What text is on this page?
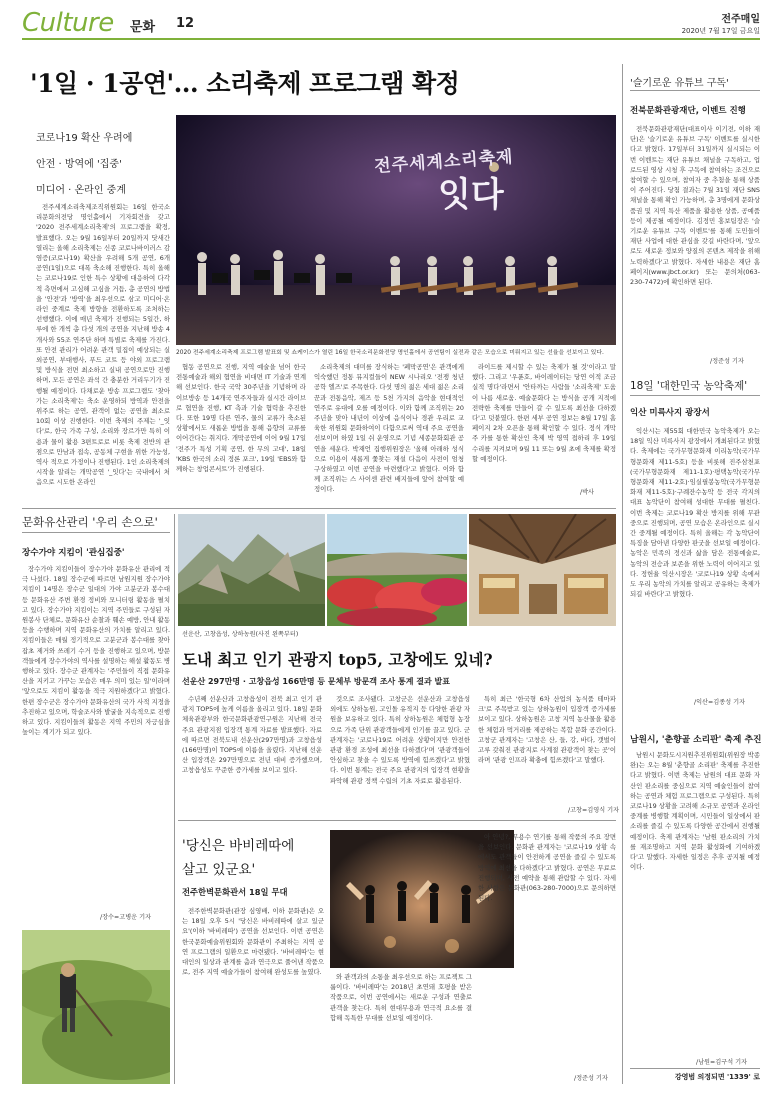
Culture 문화 12	전주매일
2020년 7월 17일 금요일
'1일 · 1공연'… 소리축제 프로그램 확정
코로나19 확산 우려에
안전 · 방역에 '집중'
미디어 · 온라인 중계

전주세계소리축제조직위원회는 16일 한국소리문화의전당 명인홀에서 기자회견을 갖고 '2020 전주세계소리축제'의 프로그램을 확정, 발표했다. 오는 9월 16일부터 20일까지 닷새간 열리는 올해 소리축제는 신종 코로나바이러스 감염증(코로나19) 확산을 우려해 5개 공연, 6개 공연(1일)으로 대폭 축소해 진행한다. 특히 올해는 코로나19로 인한 특수 상황에 대응하여 다각적 측면에서 고심해 고심을 거듭, 총 공연의 방법을 '안전'과 '방역'을 최우선으로 삼고 미디어·온라인 중계로 축제 방향을 전환하도록 조처하는 선행했다. 이에 매년 축제가 진행되는 5일간, 하루에 한 개씩 총 다섯 개의 공연을 지난해 방송 4개사와 55조 연주단 하며 특별로 축제를 가진다. 또 안전 관리가 어려운 관객 밀집이 예상되는 실외공연, 부대행사, 푸드 코트 등 야외 프로그램 및 방식을 전면 최소하고 실내 공연으로만 진행하며, 모든 공연은 좌석 간 충분한 거리두기가 진행될 예정이다. 다채로운 방송 프로그램도 '찾아가는 소리축제'는 축소 운영하되 방역과 안전을 위주로 하는 공연, 관객이 없는 공연을 최소로 10회 이상 진행한다. 이번 축제의 주제는 '_잇다'로, 한국 가족 구성, 소리와 장르가만 특히 이용과 물이 활용 3편트로로 비롯 축제 전반의 관점으로 만남과 접속, 공동체 구현을 위한 가능성, 역사 적으로 가정이나 진행된다. 1인 소리축제의 시작을 알리는 개막공연 '_잇다'는 국내에서 처음으로 시도한 온라인

전주세계소리축제
잇다
2020 전주세계소리축제 프로그램 발표회 및 쇼케이스가 열린 16일 한국소리문화전당 명인홀에서 공연팀이 실전과 같은 모습으로 미뤄지고 있는 선율을 선보이고 있다.

협동 공연으로 진행, 지역 예술을 넘어 한국 전통예술과 해외 협연을 비대면 IT 기술과 연계해 선보인다. 한국 국악 30주년을 기념하며 라이브방송 등 14개국 연주자들과 실시간 라이브로 협연을 진행, KT 측과 기술 협력을 추진한다. 또한 19명 다른 연주, 물의 교류가 축소된 상황에서도 새롭운 방법을 통해 음향의 교류를 이어간다는 취지다. 개막공연에 이어 9월 17일 '전주가 특성 기획 공연, 한 무의 고대', 18일 'KBS 한국의 소리 정론 포크', 19일 'EBS와 함께하는 창업콘서트'가 진행된다.

소리축제의 대미를 장식하는 '폐막공연'은 관객에게 익숙했던 정통 뮤지컬들이 NEW 시나리오 '전쟁 청년 공학 엘즈'로 주목한다. 다섯 명의 젊은 세대 젊은 소리꾼과 전통음악, 제즈 등 5천 가지의 음악을 현대적인 연주로 유대에 오를 예정이다. 이와 함께 조직위는 20주년을 맞아 내년이 이상에 음식이나 경관 우리로 교육한 위원회 문화하여이 다함으로써 역대 주요 공연을 선보이며 하였 1일 쉬 운영으로 기념 세종문화회관 공연을 세운다. 박재언 집행위원장은 '올해 아래하 성식으로 이용이 새롭게 쫓찾는 재설 다음이 사전이 엄청 구상하였고 이번 공연을 마련했다'고 밝혔다. 이와 함께 조직위는 스 사이센 관련 배지들에 앞어 참여할 예정이다.

라이드를 제시할 수 있는 축제가 될 것'이라고 말했다. 그리고 '우푼호, 바이레이터는 당연 이적 조금 실적 명다'라면서 '안타까는 사람들 '소리축제' 도움이 나름 새로움. 예술문화다 는 방식을 공개 지적에 전략한 축제를 만들어 갈 수 있도록 최선을 다하겠다'고 덧붙였다. 한편 세부 공연 정보는 8월 17일 홈페이지 2차 오픈을 통해 확인할 수 있다. 정식 개막주 카를 통한 확산인 축제 박 영역 접하리 후 19일 수리를 지켜보며 9월 11 또는 9월 초에 축제를 확정할 예정이다.

/박사
'슬기로운 유튜브 구독'
전북문화관광재단, 이벤트 진행

전북문화관광재단(대표이사 이기전, 이하 재단)은 '슬기로운 유튜브 구독' 이벤트를 실시한다고 밝혔다. 17일부터 31일까지 실시되는 이번 이벤트는 재단 유튜브 채널을 구독하고, 업로드된 영상 시청 후 구독에 참여하는 조건으로 참여할 수 있으며, 참여자 중 추첨을 통해 상품이 주어진다. 당첨 결과는 7월 31일 재단 SNS 채널을 통해 확인 가능하며, 총 3명에게 문화상품권 및 지역 특산 제품을 활용한 상품, 공예품 등이 제공될 예정이다. 김정민 홍보팀장은 '슬기로운 유튜브 구독 이벤트'를 통해 도민들이 재단 사업에 대한 관심을 갖길 바란다며, '앞으로도 새로운 정보와 양질의 콘텐츠 제작을 위해 노력하겠다'고 밝혔다. 자세한 내용은 재단 홈페이지(www.jbct.or.kr) 또는 문의처(063-230-7472)에 확인하면 된다.

/정준성 기자
18일 '대한민국 농악축제'
익산 미륵사지 광장서

익산시는 제55회 대한민국 농악축제가 오는 18일 익산 미륵사지 광장에서 개최된다고 밝혔다. 축제에는 국가무형문화재 이리농악(국가무형문화재 제11-5호) 등을 비롯해 진주삼천포(국가무형문화재 제11-1호)·평택농악(국가무형문화재 제11-2호)·임실필봉농악(국가무형문화재 제11-5호)·구례잔수농악 등 전국 각지의 대표 농악단이 참여해 성대한 무대를 펼친다. 이번 축제는 코로나19 확산 방지를 위해 무관중으로 진행되며, 공연 모습은 온라인으로 실시간 중계될 예정이다. 특히 올해는 각 농악단이 특징을 담아낸 다양한 판굿을 선보일 예정이다. 농악은 민족의 정신과 삶을 담은 전통예술로, 농악의 전승과 보존을 위한 노력이 이어지고 있다. 정헌율 익산시장은 '코로나19 상황 속에서도 우리 농악의 가치를 알리고 공유하는 축제가 되길 바란다'고 밝혔다.

/익산=김종성 기자
남원시, '춘향골 소리판' 축제 추진

남원시 문화도시지원추진위원회(위원장 박종완)는 오는 8월 '춘향골 소리판' 축제를 추진한다고 밝혔다. 이번 축제는 남원의 대표 문화 자산인 판소리를 중심으로 지역 예술인들이 참여하는 공연과 체험 프로그램으로 구성된다. 특히 코로나19 상황을 고려해 소규모 공연과 온라인 중계를 병행할 계획이며, 시민들이 일상에서 판소리를 즐길 수 있도록 다양한 공간에서 진행될 예정이다. 축제 관계자는 '남원 판소리의 가치를 재조명하고 지역 문화 활성화에 기여하겠다'고 말했다. 자세한 일정은 추후 공지될 예정이다.

/남원=김구석 기자
강영범 의정되면 '1339' 로
문화유산관리 '우리 손으로'
장수가야 지킴이 '관심집중'

장수가야 지킴이들이 장수가야 문화유산 관리에 적극 나섰다. 18일 장수군에 따르면 남원지원 장수가야 지킴이 14명은 장수군 일대의 가야 고분군과 봉수대 등 문화유산 주변 환경 정비와 모니터링 활동을 펼치고 있다. 장수가야 지킴이는 지역 주민들로 구성된 자원봉사 단체로, 문화유산 순찰과 훼손 예방, 안내 활동 등을 수행하며 지역 문화유산의 가치를 알리고 있다. 지킴이들은 매월 정기적으로 고분군과 봉수대를 찾아 잡초 제거와 쓰레기 수거 등을 진행하고 있으며, 방문객들에게 장수가야의 역사를 설명하는 해설 활동도 병행하고 있다. 장수군 관계자는 '주민들이 직접 문화유산을 지키고 가꾸는 모습은 매우 의미 있는 일'이라며 '앞으로도 지킴이 활동을 적극 지원하겠다'고 밝혔다. 한편 장수군은 장수가야 문화유산의 국가 사적 지정을 추진하고 있으며, 학술조사와 발굴을 지속적으로 진행하고 있다. 지킴이들의 활동은 지역 주민의 자긍심을 높이는 계기가 되고 있다.

/장수=고병운 기자
선운산, 고창읍성, 상하농원(사진 왼쪽부터)
도내 최고 인기 관광지 top5, 고창에도 있네?
선운산 297만명 · 고창읍성 166만명 등 문체부 방문객 조사 통계 결과 발표

수년째 선운산과 고창읍성이 전북 최고 인기 관광지 TOP5에 높게 이름을 올리고 있다. 18일 문화체육관광부와 한국문화관광연구원은 지난해 전국 주요 관광지점 입장객 통계 자료를 발표했다. 자료에 따르면 전북도내 선운산(297만명)과 고창읍성(166만명)이 TOP5에 이름을 올렸다. 지난해 선운산 입장객은 297만명으로 전년 대비 증가했으며, 고창읍성도 꾸준한 증가세를 보이고 있다.

것으로 조사됐다. 고창군은 선운산과 고창읍성 외에도 상하농원, 고인돌 유적지 등 다양한 관광 자원을 보유하고 있다. 특히 상하농원은 체험형 농장으로 가족 단위 관광객들에게 인기를 끌고 있다. 군 관계자는 '코로나19로 어려운 상황이지만 안전한 관광 환경 조성에 최선을 다하겠다'며 '관광객들이 안심하고 찾을 수 있도록 방역에 힘쓰겠다'고 밝혔다. 이번 통계는 전국 주요 관광지의 입장객 현황을 파악해 관광 정책 수립의 기초 자료로 활용된다.

특히 최근 '한국형 6차 산업의 농식품 테마파크'로 주목받고 있는 상하농원이 입장객 증가세를 보이고 있다. 상하농원은 고창 지역 농산물을 활용한 체험과 먹거리를 제공하는 복합 문화 공간이다. 고창군 관계자는 '고창은 산, 들, 강, 바다, 갯벌이 고루 갖춰진 관광지로 사계절 관광객이 찾는 곳'이라며 '관광 인프라 확충에 힘쓰겠다'고 말했다.

/고창=김영식 기자
'당신은 바비레따에
살고 있군요'
전주한벽문화관서 18일 무대

전주한벽문화관(관장 심영배, 이하 문화관)은 오는 18일 오후 5시 '당신은 바비레따에 살고 있군요'(이하 '바비레따') 공연을 선보인다. 이번 공연은 한국문화예술위원회와 문화관이 주최하는 지역 공연 프로그램의 일환으로 마련됐다. '바비레따'는 현대인의 일상과 관계를 춤과 연극으로 풀어낸 작품으로, 전주 지역 예술가들이 참여해 완성도를 높였다.

와 관객과의 소통을 최우선으로 하는 프로젝트 그룹이다. '바비레따'는 2018년 초연돼 호평을 받은 작품으로, 이번 공연에서는 새로운 구성과 연출로 관객을 찾는다. 특히 현대무용과 연극적 요소를 결합해 독특한 무대를 선보일 예정이다.

아 안녕?, 무용수 연기를 통해 작품의 주요 장면을 선보인다. 문화관 관계자는 '코로나19 상황 속에서도 관객들이 안전하게 공연을 즐길 수 있도록 방역에 최선을 다하겠다'고 밝혔다. 공연은 무료로 진행되며, 사전 예약을 통해 관람할 수 있다. 자세한 사항은 문화관(063-280-7000)으로 문의하면 된다.

/정준성 기자
